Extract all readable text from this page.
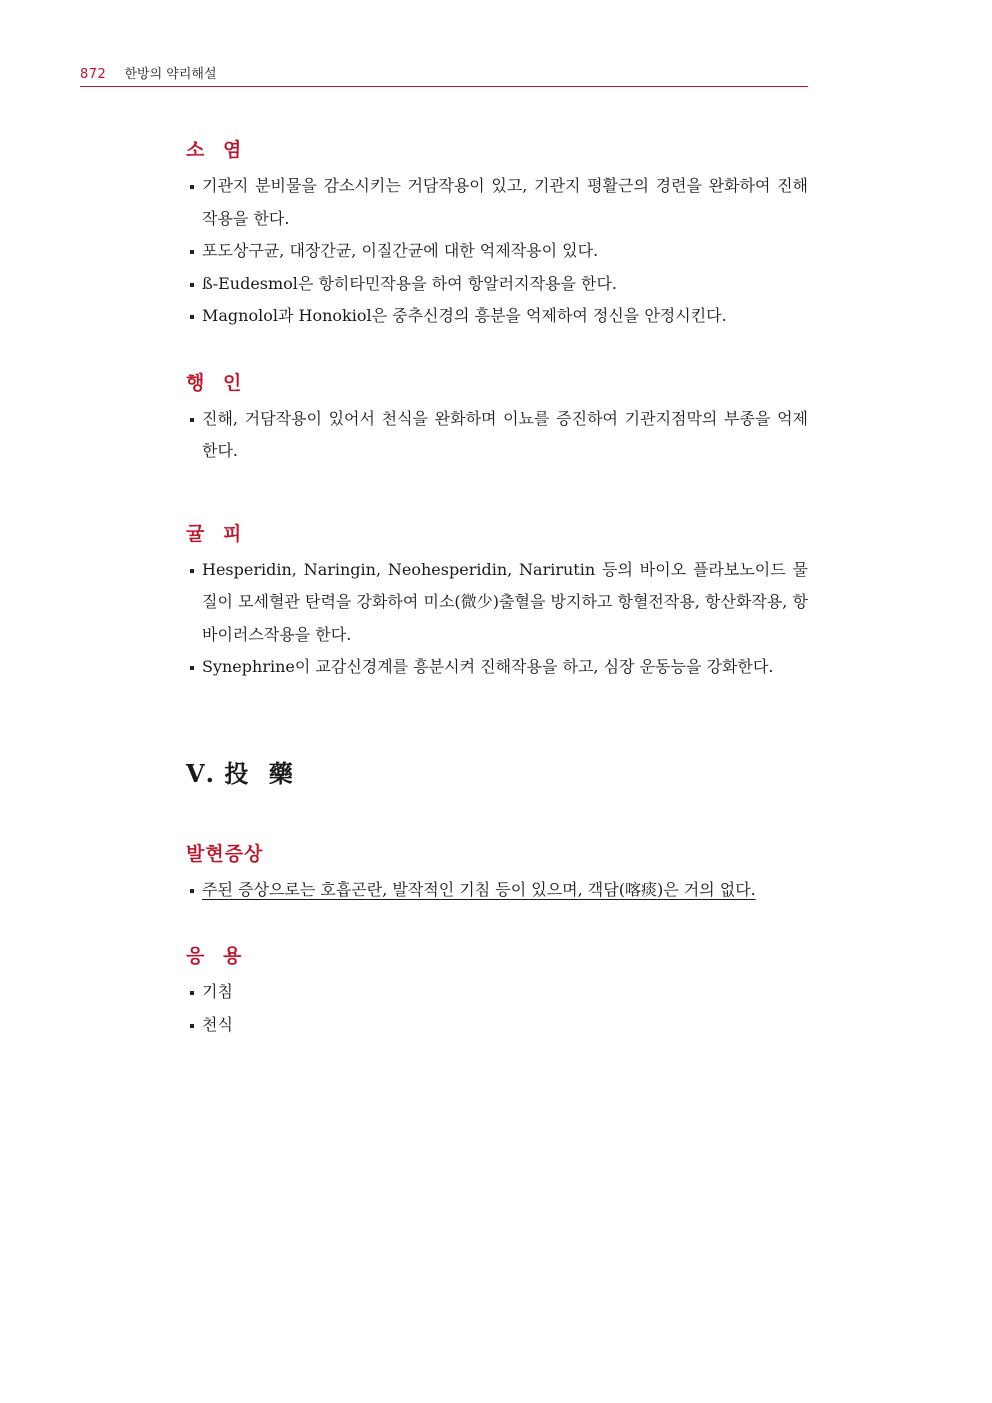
872 한방의 약리해설
소 염
기관지 분비물을 감소시키는 거담작용이 있고, 기관지 평활근의 경련을 완화하여 진해작용을 한다.
포도상구균, 대장간균, 이질간균에 대한 억제작용이 있다.
ß-Eudesmol은 항히타민작용을 하여 항알러지작용을 한다.
Magnolol과 Honokiol은 중추신경의 흥분을 억제하여 정신을 안정시킨다.
행 인
진해, 거담작용이 있어서 천식을 완화하며 이뇨를 증진하여 기관지점막의 부종을 억제한다.
귤 피
Hesperidin, Naringin, Neohesperidin, Narirutin 등의 바이오 플라보노이드 물질이 모세혈관 탄력을 강화하여 미소(微少)출혈을 방지하고 항혈전작용, 항산화작용, 항바이러스작용을 한다.
Synephrine이 교감신경계를 흥분시켜 진해작용을 하고, 심장 운동능을 강화한다.
Ⅴ. 投 藥
발현증상
주된 증상으로는 호흡곤란, 발작적인 기침 등이 있으며, 객담(喀痰)은 거의 없다.
응 용
기침
천식
